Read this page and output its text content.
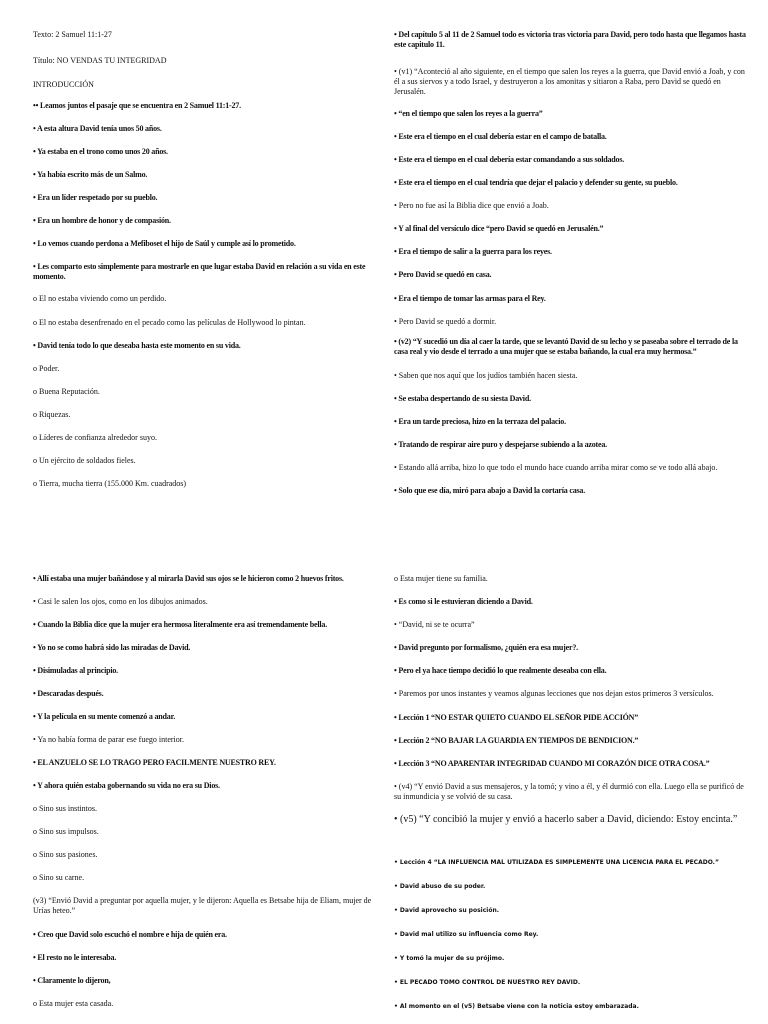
Texto: 2 Samuel 11:1-27

Título: NO VENDAS TU INTEGRIDAD

INTRODUCCIÓN

•• Leamos juntos el pasaje que se encuentra en 2 Samuel 11:1-27.

• A esta altura David tenía unos 50 años.

• Ya estaba en el trono como unos 20 años.

• Ya había escrito más de un Salmo.

• Era un líder respetado por su pueblo.

• Era un hombre de honor y de compasión.

• Lo vemos cuando perdona a Mefiboset el hijo de Saúl y cumple así lo prometido.

• Les comparto esto simplemente para mostrarle en que lugar estaba David en relación a su vida en este momento.

o El no estaba viviendo como un perdido.

o El no estaba desenfrenado en el pecado como las películas de Hollywood lo pintan.

• David tenía todo lo que deseaba hasta este momento en su vida.

o Poder.

o Buena Reputación.

o Riquezas.

o Líderes de confianza alrededor suyo.

o Un ejército de soldados fieles.

o Tierra, mucha tierra (155.000 Km. cuadrados)

• Del capítulo 5 al 11 de 2 Samuel todo es victoria tras victoria para David, pero todo hasta que llegamos hasta este capitulo 11.

• (v1) “Aconteció al año siguiente, en el tiempo que salen los reyes a la guerra, que David envió a Joab, y con él a sus siervos y a todo Israel, y destruyeron a los amonitas y sitiaron a Raba, pero David se quedó en Jerusalén.

• “en el tiempo que salen los reyes a la guerra”

• Este era el tiempo en el cual debería estar en el campo de batalla.

• Este era el tiempo en el cual debería estar comandando a sus soldados.

• Este era el tiempo en el cual tendría que dejar el palacio y defender su gente, su pueblo.

• Pero no fue así la Biblia dice que envió a Joab.

• Y al final del versículo dice “pero David se quedó en Jerusalén.”

• Era el tiempo de salir a la guerra para los reyes.

• Pero David se quedó en casa.

• Era el tiempo de tomar las armas para el Rey.

• Pero David se quedó a dormir.

• (v2) “Y sucedió un día al caer la tarde, que se levantó David de su lecho y se paseaba sobre el terrado de la casa real y vio desde el terrado a una mujer que se estaba bañando, la cual era muy hermosa.”

• Saben que nos aquí que los judíos también hacen siesta.

• Se estaba despertando de su siesta David.

• Era un tarde preciosa, hizo en la terraza del palacio.

• Tratando de respirar aire puro y despejarse subiendo a la azotea.

• Estando allá arriba, hizo lo que todo el mundo hace cuando arriba mirar como se ve todo allá abajo.

• Solo que ese día, miró para abajo a David la cortaría casa.

• Allí estaba una mujer bañándose y al mirarla David sus ojos se le hicieron como 2 huevos fritos.

• Casi le salen los ojos, como en los dibujos animados.

• Cuando la Biblia dice que la mujer era hermosa literalmente era así tremendamente bella.

• Yo no se como habrá sido las miradas de David.

• Disimuladas al principio.

• Descaradas después.

• Y la película en su mente comenzó a andar.

• Ya no había forma de parar ese fuego interior.

• EL ANZUELO SE LO TRAGO PERO FACILMENTE NUESTRO REY.

• Y ahora quién estaba gobernando su vida no era su Dios.

o Sino sus instintos.

o Sino sus impulsos.

o Sino sus pasiones.

o Sino su carne.

(v3) “Envió David a preguntar por aquella mujer, y le dijeron: Aquella es Betsabe hija de Eliam, mujer de Urías heteo.”

• Creo que David solo escuchó el nombre e hija de quién era.

• El resto no le interesaba.

• Claramente lo dijeron,

o Esta mujer esta casada.

o Esta mujer tiene su familia.

• Es como si le estuvieran diciendo a David.

• “David, ni se te ocurra”

• David pregunto por formalismo, ¿quién era esa mujer?.

• Pero el ya hace tiempo decidió lo que realmente deseaba con ella.

• Paremos por unos instantes y veamos algunas lecciones que nos dejan estos primeros 3 versículos.

• Lección 1 “NO ESTAR QUIETO CUANDO EL SEÑOR PIDE ACCIÓN”

• Lección 2 “NO BAJAR LA GUARDIA EN TIEMPOS DE BENDICION.”

• Lección 3 “NO APARENTAR INTEGRIDAD CUANDO MI CORAZÓN DICE OTRA COSA.”

• (v4) “Y envió David a sus mensajeros, y la tomó; y vino a él, y él durmió con ella. Luego ella se purificó de su inmundicia y se volvió de su casa.

• (v5) “Y concibió la mujer y envió a hacerlo saber a David, diciendo: Estoy encinta.”

• Lección 4 “LA INFLUENCIA MAL UTILIZADA ES SIMPLEMENTE UNA LICENCIA PARA EL PECADO.”

• David abuso de su poder.

• David aprovecho su posición.

• David mal utilizo su influencia como Rey.

• Y tomó la mujer de su prójimo.

• EL PECADO TOMO CONTROL DE NUESTRO REY DAVID.

• Al momento en el (v5) Betsabe viene con la noticia estoy embarazada.
